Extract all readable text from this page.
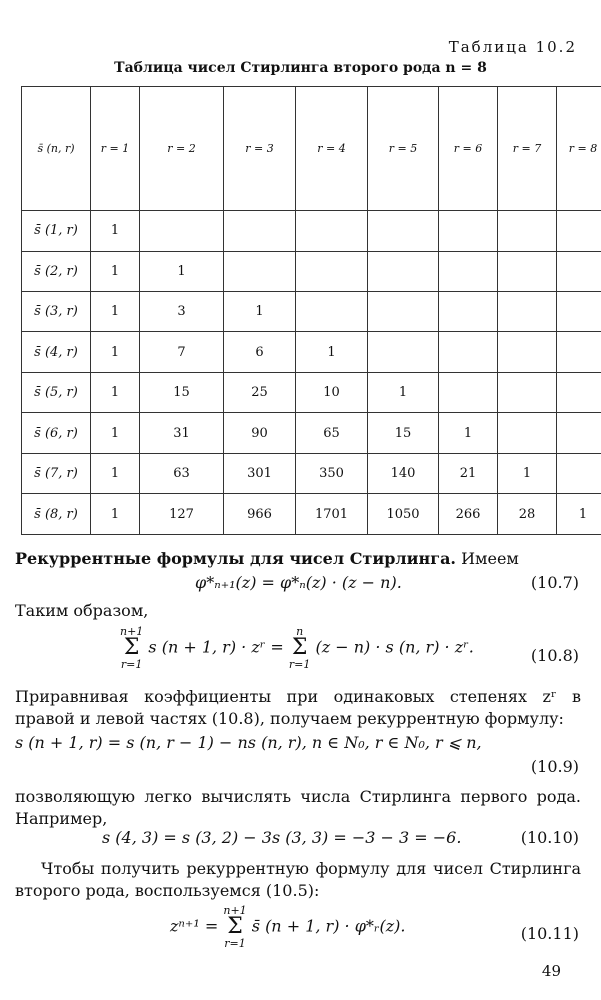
Таблица 10.2
Таблица чисел Стирлинга второго рода n = 8
s̄ (n, r)	r = 1	r = 2	r = 3	r = 4	r = 5	r = 6	r = 7	r = 8
s̄ (1, r)	1							
s̄ (2, r)	1	1						
s̄ (3, r)	1	3	1					
s̄ (4, r)	1	7	6	1				
s̄ (5, r)	1	15	25	10	1			
s̄ (6, r)	1	31	90	65	15	1		
s̄ (7, r)	1	63	301	350	140	21	1	
s̄ (8, r)	1	127	966	1701	1050	266	28	1
Рекуррентные формулы для чисел Стирлинга. Имеем
φ*ₙ₊₁(z) = φ*ₙ(z) · (z − n).	(10.7)
Таким образом,
n+1
Σ
r=1
s (n + 1, r) · zʳ =
n
Σ
r=1
(z − n) · s (n, r) · zʳ.	(10.8)
Приравнивая коэффициенты при одинаковых степенях zʳ в правой и левой частях (10.8), получаем рекуррентную формулу:
s (n + 1, r) = s (n, r − 1) − ns (n, r), n ∈ N₀, r ∈ N₀, r ⩽ n,
(10.9)
позволяющую легко вычислять числа Стирлинга первого рода. Например,
s (4, 3) = s (3, 2) − 3s (3, 3) = −3 − 3 = −6.	(10.10)
Чтобы получить рекуррентную формулу для чисел Стирлинга второго рода, воспользуемся (10.5):
zⁿ⁺¹ =
n+1
Σ
r=1
s̄ (n + 1, r) · φ*ᵣ(z).	(10.11)
49
